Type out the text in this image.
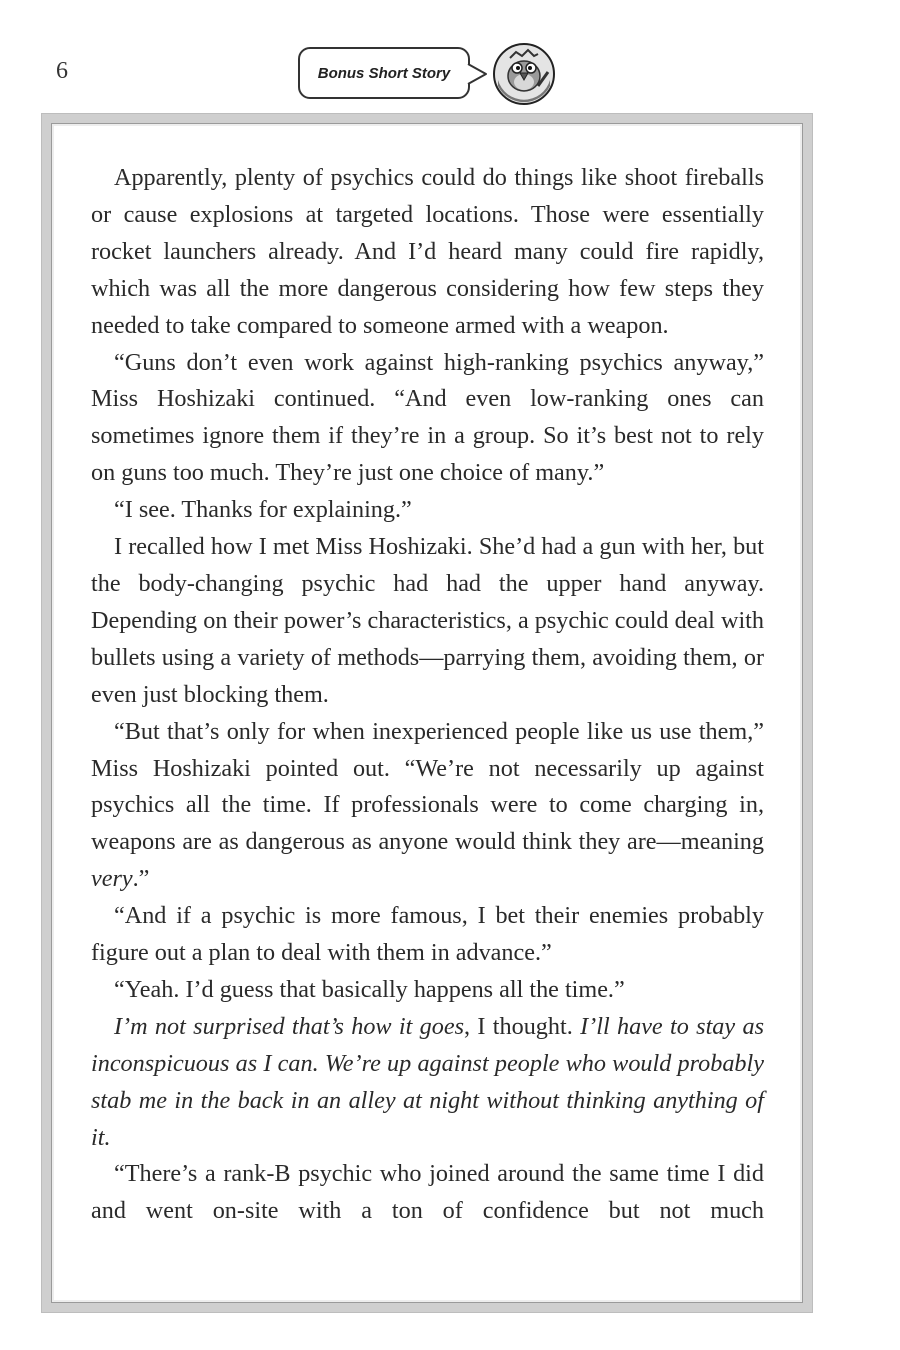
6	Bonus Short Story

Apparently, plenty of psychics could do things like shoot fireballs or cause explosions at targeted locations. Those were essentially rocket launchers already. And I’d heard many could fire rapidly, which was all the more dangerous considering how few steps they needed to take compared to someone armed with a weapon.

“Guns don’t even work against high-ranking psychics anyway,” Miss Hoshizaki continued. “And even low-ranking ones can sometimes ignore them if they’re in a group. So it’s best not to rely on guns too much. They’re just one choice of many.”

“I see. Thanks for explaining.”

I recalled how I met Miss Hoshizaki. She’d had a gun with her, but the body-changing psychic had had the upper hand anyway. Depending on their power’s characteristics, a psychic could deal with bullets using a variety of methods—parrying them, avoiding them, or even just blocking them.

“But that’s only for when inexperienced people like us use them,” Miss Hoshizaki pointed out. “We’re not necessarily up against psychics all the time. If professionals were to come charging in, weapons are as dangerous as anyone would think they are—meaning very.”

“And if a psychic is more famous, I bet their enemies probably figure out a plan to deal with them in advance.”

“Yeah. I’d guess that basically happens all the time.”

I’m not surprised that’s how it goes, I thought. I’ll have to stay as inconspicuous as I can. We’re up against people who would probably stab me in the back in an alley at night without thinking anything of it.

“There’s a rank-B psychic who joined around the same time I did and went on-site with a ton of confidence but not much
